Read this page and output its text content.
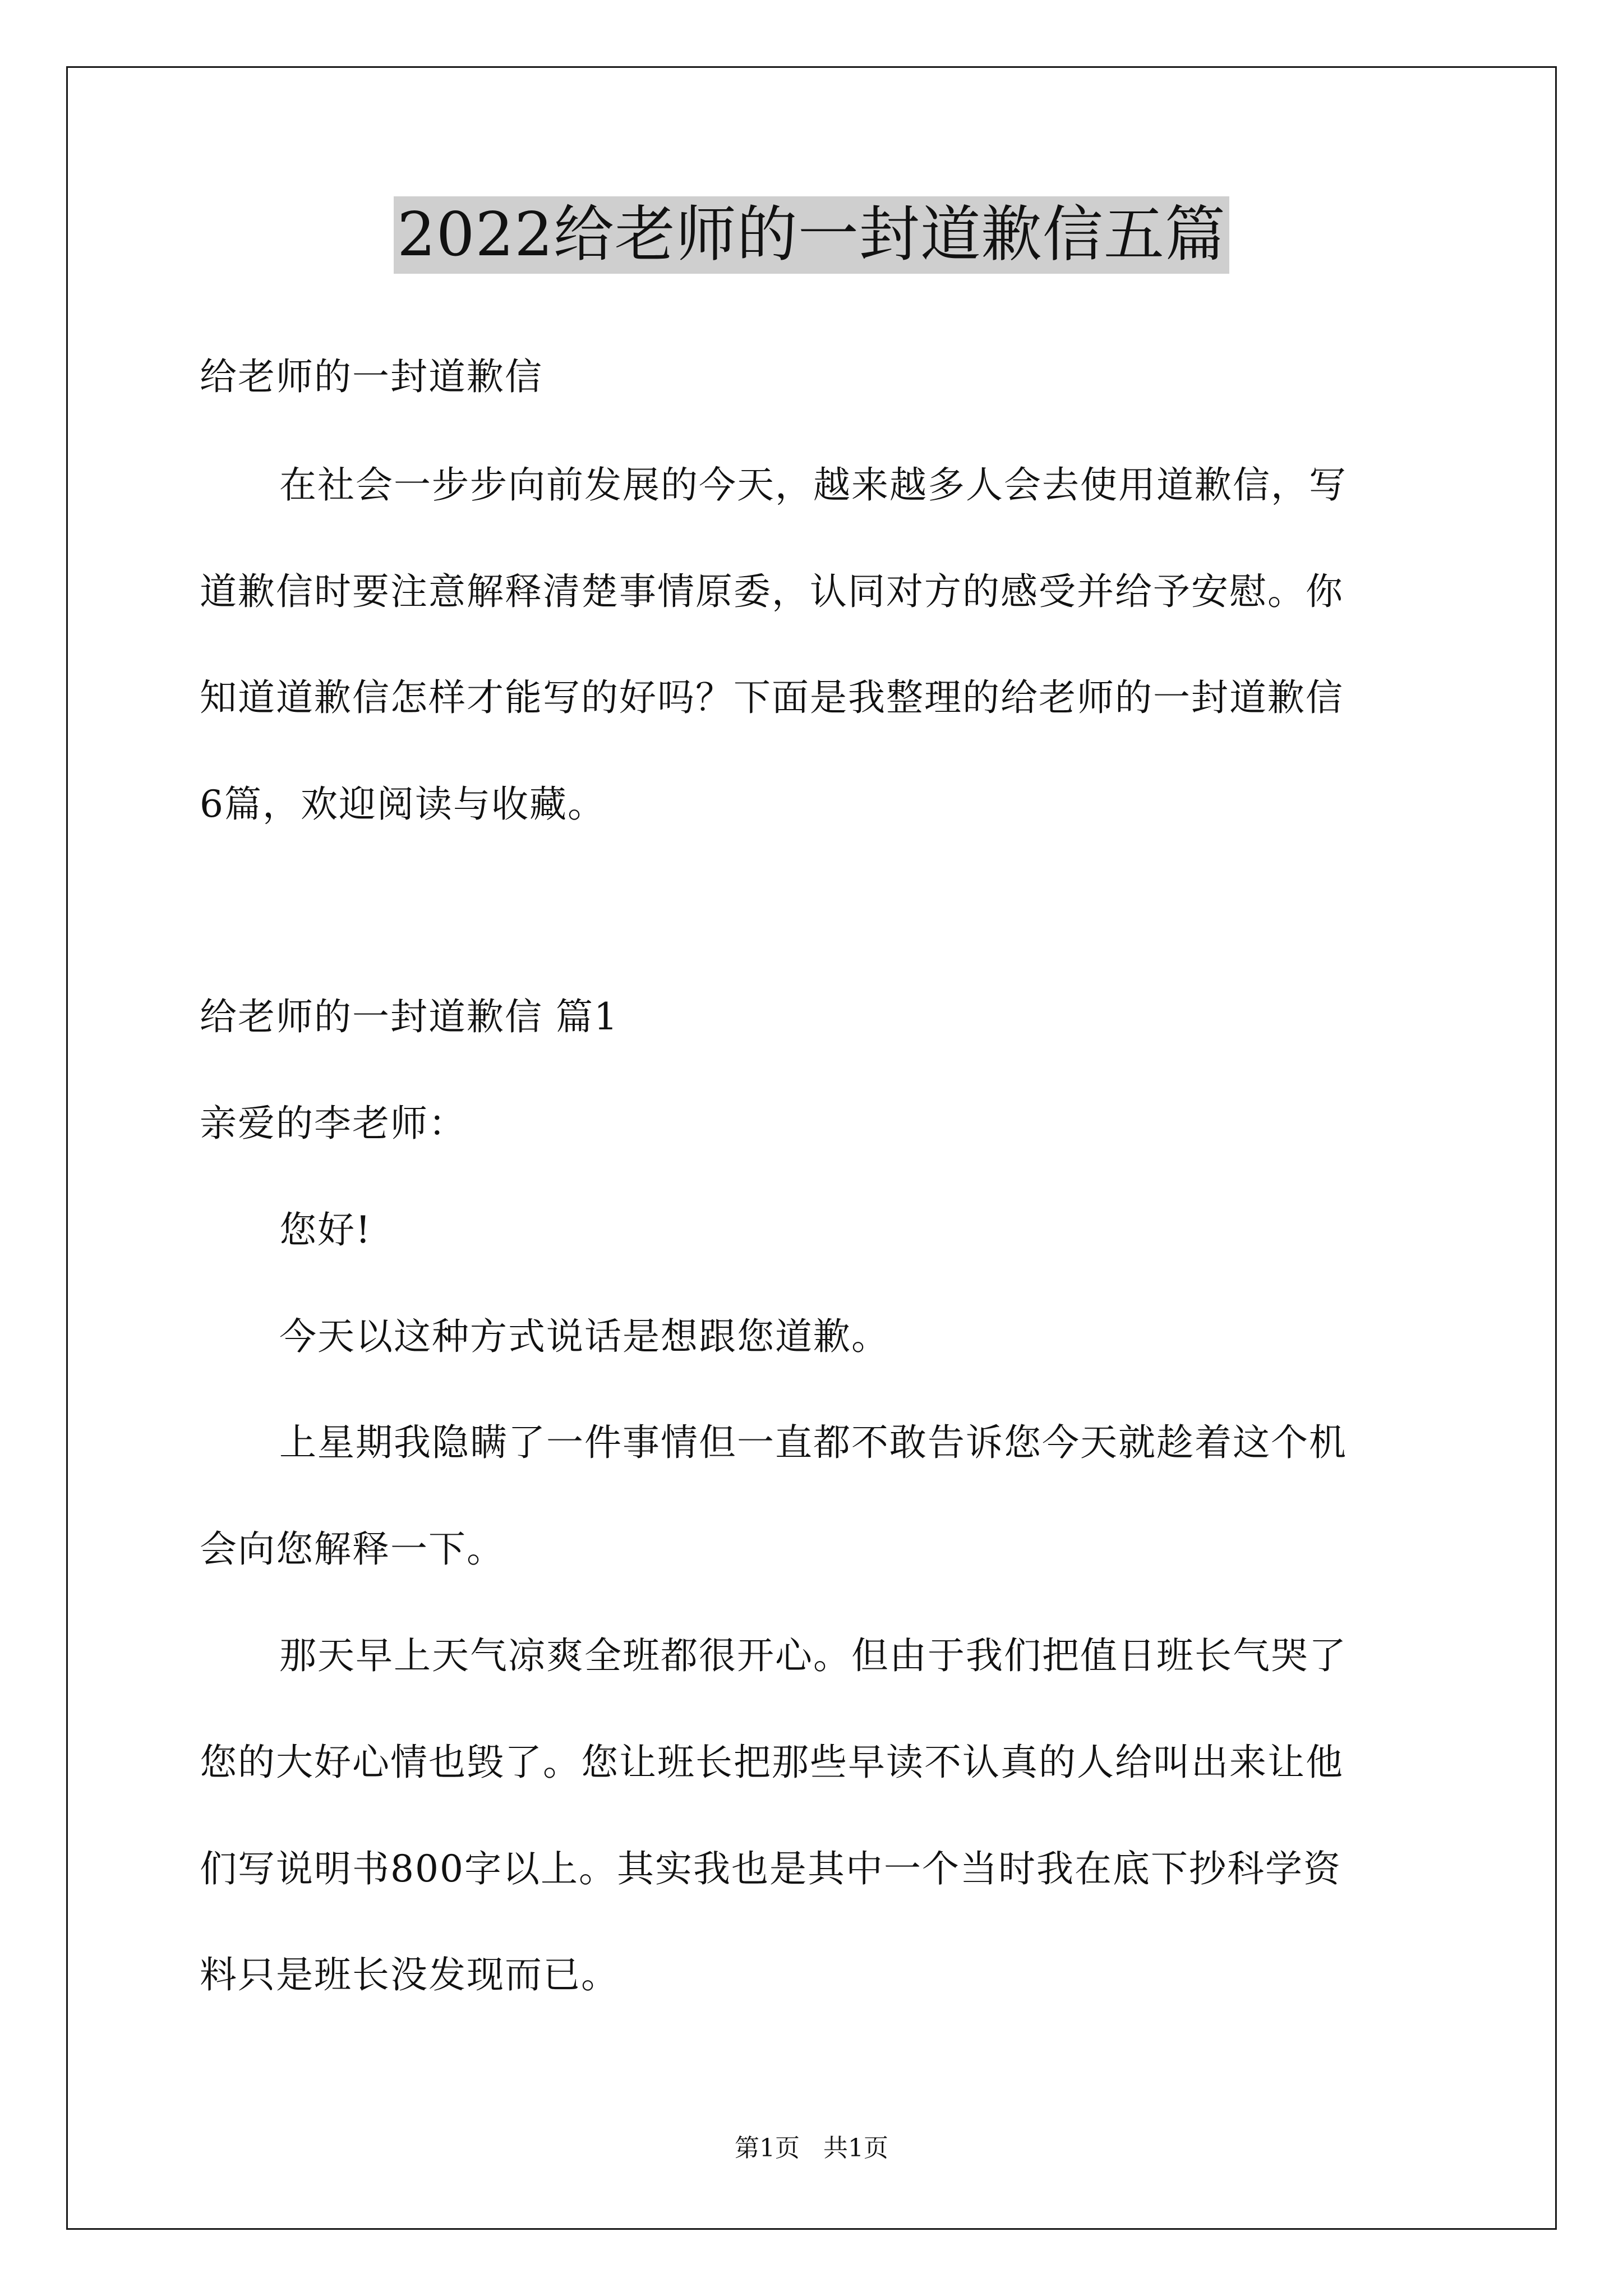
2022给老师的一封道歉信五篇
给老师的一封道歉信
在社会一步步向前发展的今天，越来越多人会去使用道歉信，写
道歉信时要注意解释清楚事情原委，认同对方的感受并给予安慰。你
知道道歉信怎样才能写的好吗？下面是我整理的给老师的一封道歉信
6篇，欢迎阅读与收藏。
给老师的一封道歉信 篇1
亲爱的李老师：
您好!
今天以这种方式说话是想跟您道歉。
上星期我隐瞒了一件事情但一直都不敢告诉您今天就趁着这个机
会向您解释一下。
那天早上天气凉爽全班都很开心。但由于我们把值日班长气哭了
您的大好心情也毁了。您让班长把那些早读不认真的人给叫出来让他
们写说明书800字以上。其实我也是其中一个当时我在底下抄科学资
料只是班长没发现而已。
第1页   共1页
